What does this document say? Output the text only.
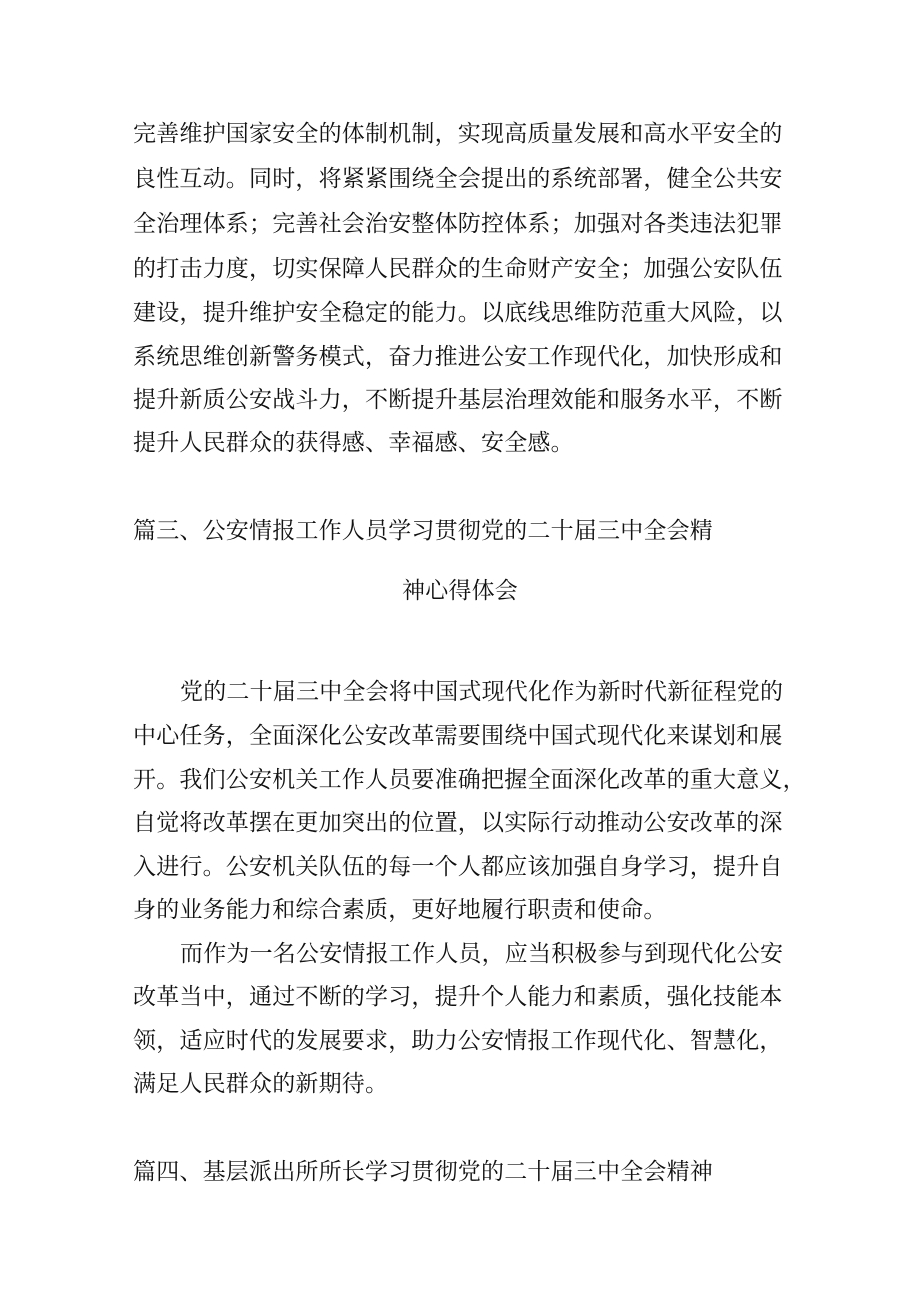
完善维护国家安全的体制机制，实现高质量发展和高水平安全的
良性互动。同时，将紧紧围绕全会提出的系统部署，健全公共安
全治理体系；完善社会治安整体防控体系；加强对各类违法犯罪
的打击力度，切实保障人民群众的生命财产安全；加强公安队伍
建设，提升维护安全稳定的能力。以底线思维防范重大风险，以
系统思维创新警务模式，奋力推进公安工作现代化，加快形成和
提升新质公安战斗力，不断提升基层治理效能和服务水平，不断
提升人民群众的获得感、幸福感、安全感。
篇三、公安情报工作人员学习贯彻党的二十届三中全会精
神心得体会
党的二十届三中全会将中国式现代化作为新时代新征程党的
中心任务，全面深化公安改革需要围绕中国式现代化来谋划和展
开。我们公安机关工作人员要准确把握全面深化改革的重大意义，
自觉将改革摆在更加突出的位置，以实际行动推动公安改革的深
入进行。公安机关队伍的每一个人都应该加强自身学习，提升自
身的业务能力和综合素质，更好地履行职责和使命。
而作为一名公安情报工作人员，应当积极参与到现代化公安
改革当中，通过不断的学习，提升个人能力和素质，强化技能本
领，适应时代的发展要求，助力公安情报工作现代化、智慧化，
满足人民群众的新期待。
篇四、基层派出所所长学习贯彻党的二十届三中全会精神
